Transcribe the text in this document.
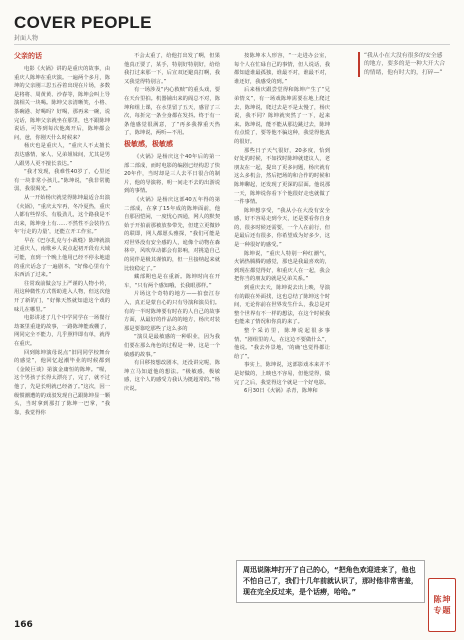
COVER PEOPLE
封面人物
父亲的话

电影《火锅》讲的是重庆的故事，由重庆人陈坤在重庆演。一遍两个多月，陈坤的父亲刚三思五吞着出现在片场，多数是将将、周黄黄、沙春等，陈坤会叫上导演相关一块喝。陈坤父亲清晰笑，小格、茶碗港、好喝吗？好喝，那再来一碗，说完话，陈坤父亲就坐在那里，也不跟陈坤说话，可等到每次他离开后，陈坤都会问，爸，你刚天什么时候来？

杨庆也是重庆人，“重庆人不太擅长表达感情，家人、兄弟姐妹间，尤其是男人跟男人更不擅长表达。”

“我才发现，我难性40岁了，心里还有一块非常小孩儿。”陈坤说，“我非常脆弱，我很渴光。”

从一开始杨庆就觉得陈坤最适合出演《火锅》，“重庆太窄再，冬冷夏热，重庆人都有些悍乐，有股劲儿，这个路我是不出来，陈坤身上有……不然性不会装待五年‘行走的力量’，还能立开工作室。”

早在《巴尔扎克与小裁缝》陈坤就演过重庆人，南歌乡人说点起初开段有大域可能，直到一个晚上他用已经不停永地道的重庆话念了一遍剧本，“好像心里有个东西活了过来。”

往常戏前做会写上严谨的人物小传，用这种微性方式帮助进入人物，但这次他开了新的门，“好像天然就知道这个戏的味儿在哪里。”

电影讲述了几个中学同学在一场餐行劫案里重逢的故事，一路陈坤能戏棚了，网同完全不能力，几乎照样即有单，就得在重庆。

回到陈坤演母说点“旧同同学校舞台的感觉”，他回忆起潮毕业的时候都到《金陵巨谈》第演金庸恒的陈坤。“喔，这个男孩子长得太漂亮了，完了，就不过他了，先是长明就已经备了。”这次，因一级惯潮遭的的戏驳发现自己跟陈坤显一颗头，当时拿到那打了陈坤一巴掌，“我靠，我觉得你

不会太重了，给他打出发了啊，但果他真正要了，某手，特别好特别好，给给我打过来那一下，后宣双还避真打啊，我又我觉得特别言。”

有一场涉及“内心救赎”的重头戏，要在天台里拍。机器铺出来的阁总不对，陈坤和组上课，在水里留了五天，感冒了三次，每折完一条全身都在发抖。终于有一条他感觉很满意，了“再多我撑重天热了，陈坤说，两听—不用。

极敏感，极敏感

《火锅》是杨庆这个40年后的第一部二部成，而时电影的编剧已经构思了快20年作，当时却是三人去平日很合的制片，他的导演将，明一间走不去的出游说到的事情。

《火锅》是杨庆这部40五年得的第二部成，在拿了15年成的陈坤面前，他自那因恺闲，一度忧心四通，网人的默契始于开拍前那被放参带先，但建立更微妙的联即，网人都愿头雅探，“我们可能是对世界没有安全感的人，诡像个动物在森林中，风吹草动都会有影响，对挑造自己的同伴是极其谨慎的，但一旦接纳起来就比较稳定了。”

藏部期也是在重新。陈坤时向在开车，“只有两个感知哦，长我眼那样。”

片场这个奇特的地方——拍套江存入，真正是蒙自心的只有导演和演员们。有的一半时陈坤要有时在的人自己的故事方面，从最好的作品的的地方，杨庆对装那是要靠吃那些了这么多的

“演员是最敏感的一种职业，因为我们要在那么角色的过程是一种，这是一个敏感的故事。”

有目移按想改剧本，还没讲完呢，陈坤立马知道他的想法。“极敏感，极敏感，这个人的感受力我认为挺超常的。”杨庆说。

按陈坤本人形容，“一走进办公室，每个人在忙碌自己的事情，但人说话，我都知道谁最孤独，谁最不对，谁最不对，谁还好，我感受的到。”

后来杨庆跟尝堂得和陈坤产生了“兄弟情义”，有一场戏陈坤需要在地上爬过去，陈坤说，爬过去是不是太慢了，杨庆说，我不同？陈坤就突然了一下，起来来。陈坤说，能不能从那边跳过去，陈坤有点慌了，要等他不骗这种，我觉得他真的很好。

那些日子天气很好，20多度，恰到好处的时候，不如找时陈坤就建议人，老朋友在一起，提出了更多问题，杨庆就有这么多机会，然后把场的和合作的时候和陈坤聊起，还发现了更深的层面。他说那一天，陈坤说你看下个他很好走也就做了一件事情。

陈坤想享受，“我从小在大没有安全感，好不容易走到今天，还是要看你自身的，很多时候还需要，一个人在前行，但是最后还有很多，你希望成为好多少，这是一种很好的感受。”

陈坤说，“重庆人特别一种红潮气，火锅热腾腾的感觉，那也是我最喜欢的，到现在都觉得好，和重庆人在一起，我会把你当的朋友的就是兄弟关系。”

到重庆去天，陈坤说去出上映，导演有的跟在外面找，这也总结了陈坤这个时间，无论你前在世界发生什么，我总是对整个世界有不一样的想法，在这个时候我也能来了情况和你真的来了。

整个采访里，陈坤说起很多事情，“剧组里的人，在这边不要做什么”，他说。“我去外景地，‘的确’也觉得都让给了”。

事实上，陈坤说，这部影戏本来并不是好做的，上映也不容易，但他觉得，做完了之后，我觉得这个就是一个好电影。

6月30日《火锅》杀青，陈坤和

“我从小在大没有很多的安全感的地方，要多的是一种大开大合的情绪，他有时大的，打碎—”
周迅说陈坤打开了自己的心，“把角色欢迎进来了，他也不怕自己了，我们十几年前就认识了，那时他非常害羞，现在完全反过来，是个话痨，哈哈。”
陈 坤
专 题
166
